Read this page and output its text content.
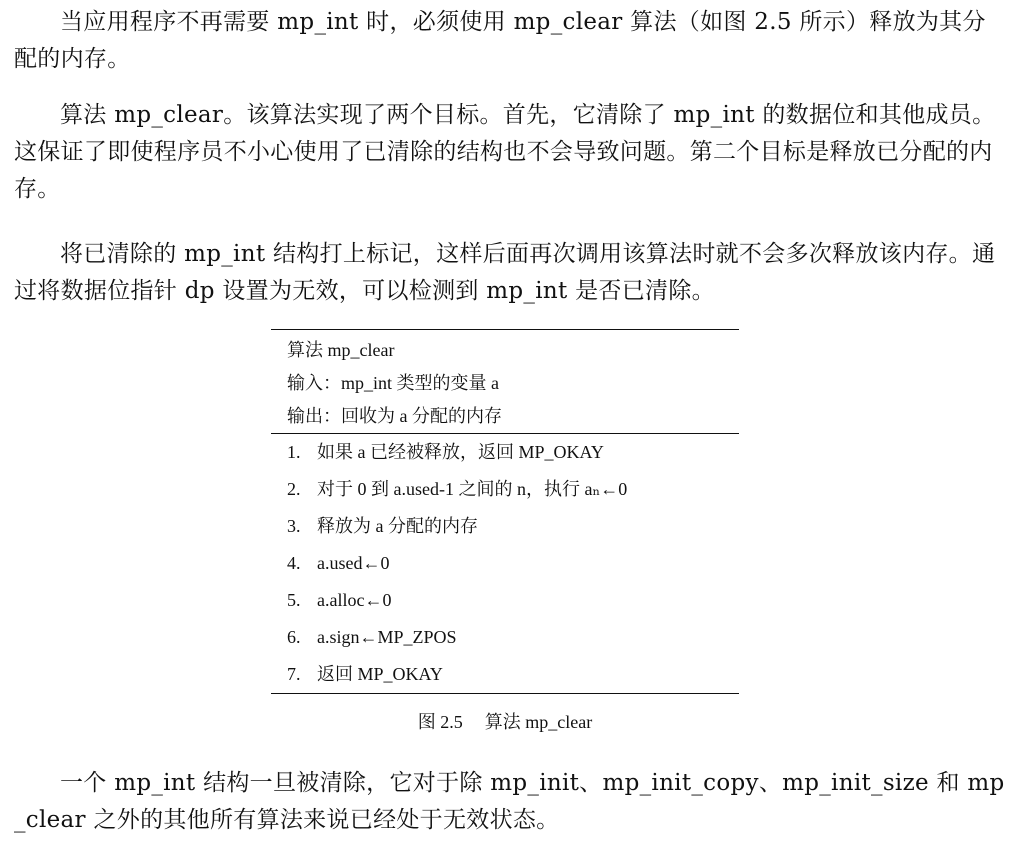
当应用程序不再需要 mp_int 时，必须使用 mp_clear 算法（如图 2.5 所示）释放为其分配的内存。

算法 mp_clear。该算法实现了两个目标。首先，它清除了 mp_int 的数据位和其他成员。这保证了即使程序员不小心使用了已清除的结构也不会导致问题。第二个目标是释放已分配的内存。

将已清除的 mp_int 结构打上标记，这样后面再次调用该算法时就不会多次释放该内存。通过将数据位指针 dp 设置为无效，可以检测到 mp_int 是否已清除。

算法 mp_clear
输入：mp_int 类型的变量 a
输出：回收为 a 分配的内存
1. 如果 a 已经被释放，返回 MP_OKAY
2. 对于 0 到 a.used-1 之间的 n，执行 aₙ←0
3. 释放为 a 分配的内存
4. a.used←0
5. a.alloc←0
6. a.sign←MP_ZPOS
7. 返回 MP_OKAY
图 2.5 算法 mp_clear

一个 mp_int 结构一旦被清除，它对于除 mp_init、mp_init_copy、mp_init_size 和 mp_clear 之外的其他所有算法来说已经处于无效状态。
